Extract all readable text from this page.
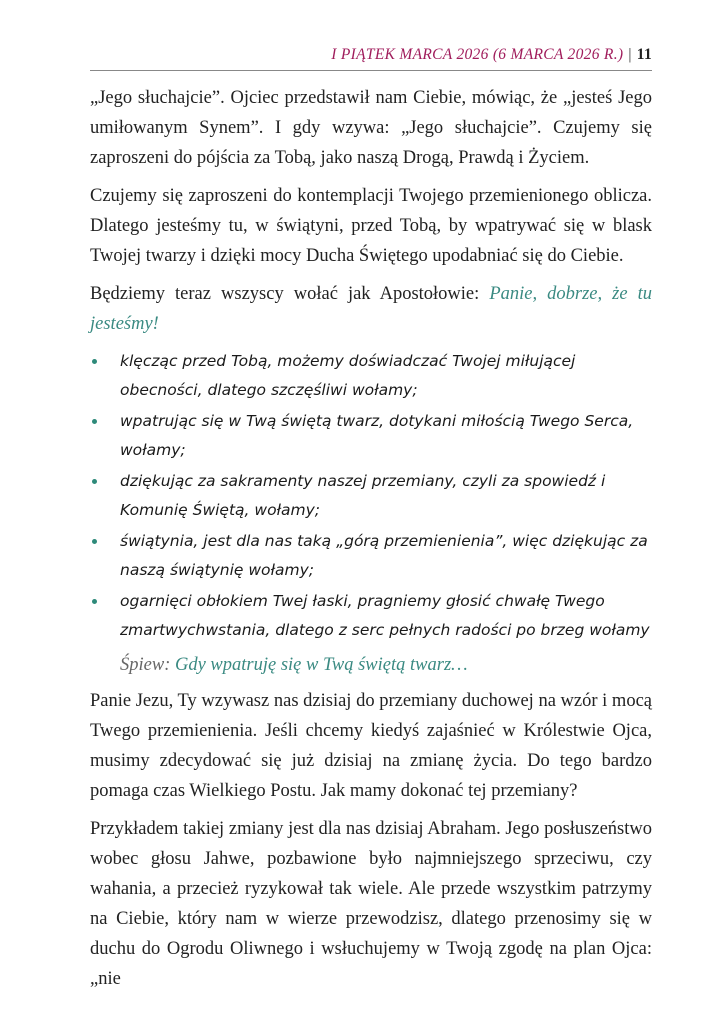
I PIĄTEK MARCA 2026 (6 MARCA 2026 R.) | 11

„Jego słuchajcie”. Ojciec przedstawił nam Ciebie, mówiąc, że „jesteś Jego umiłowanym Synem”. I gdy wzywa: „Jego słuchajcie”. Czujemy się zaproszeni do pójścia za Tobą, jako naszą Drogą, Prawdą i Życiem.

Czujemy się zaproszeni do kontemplacji Twojego przemienionego oblicza. Dlatego jesteśmy tu, w świątyni, przed Tobą, by wpatrywać się w blask Twojej twarzy i dzięki mocy Ducha Świętego upodabniać się do Ciebie.

Będziemy teraz wszyscy wołać jak Apostołowie: Panie, dobrze, że tu jesteśmy!

klęcząc przed Tobą, możemy doświadczać Twojej miłującej obecności, dlatego szczęśliwi wołamy;
wpatrując się w Twą świętą twarz, dotykani miłością Twego Serca, wołamy;
dziękując za sakramenty naszej przemiany, czyli za spowiedź i Komunię Świętą, wołamy;
świątynia, jest dla nas taką „górą przemienienia”, więc dziękując za naszą świątynię wołamy;
ogarnięci obłokiem Twej łaski, pragniemy głosić chwałę Twego zmartwychwstania, dlatego z serc pełnych radości po brzeg wołamy

Śpiew: Gdy wpatruję się w Twą świętą twarz…

Panie Jezu, Ty wzywasz nas dzisiaj do przemiany duchowej na wzór i mocą Twego przemienienia. Jeśli chcemy kiedyś zajaśnieć w Królestwie Ojca, musimy zdecydować się już dzisiaj na zmianę życia. Do tego bardzo pomaga czas Wielkiego Postu. Jak mamy dokonać tej przemiany?

Przykładem takiej zmiany jest dla nas dzisiaj Abraham. Jego posłuszeństwo wobec głosu Jahwe, pozbawione było najmniejszego sprzeciwu, czy wahania, a przecież ryzykował tak wiele. Ale przede wszystkim patrzymy na Ciebie, który nam w wierze przewodzisz, dlatego przenosimy się w duchu do Ogrodu Oliwnego i wsłuchujemy w Twoją zgodę na plan Ojca: „nie
